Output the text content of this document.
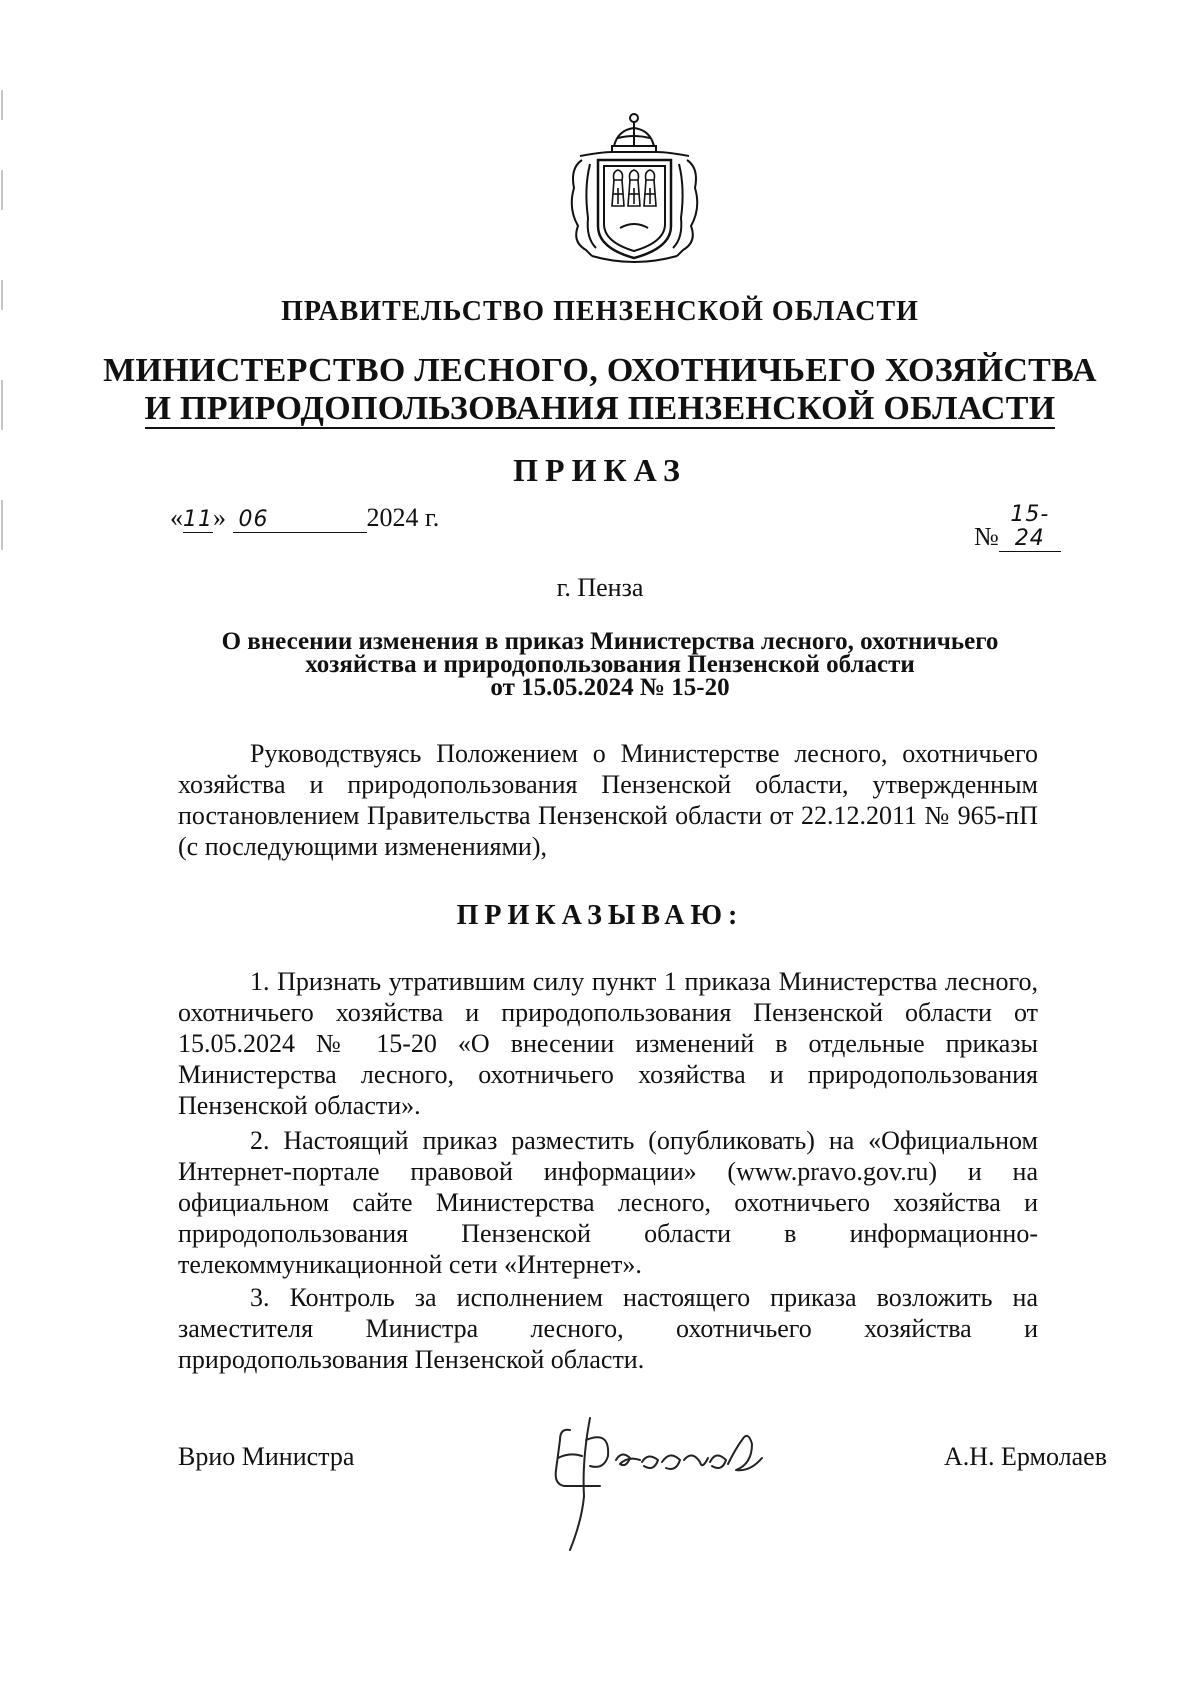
ПРАВИТЕЛЬСТВО ПЕНЗЕНСКОЙ ОБЛАСТИ
МИНИСТЕРСТВО ЛЕСНОГО, ОХОТНИЧЬЕГО ХОЗЯЙСТВА
И ПРИРОДОПОЛЬЗОВАНИЯ ПЕНЗЕНСКОЙ ОБЛАСТИ
ПРИКАЗ
«11» 06	2024 г.
№15-24
г. Пенза
О внесении изменения в приказ Министерства лесного, охотничьего
хозяйства и природопользования Пензенской области
от 15.05.2024 № 15-20
Руководствуясь Положением о Министерстве лесного, охотничьего хозяйства и природопользования Пензенской области, утвержденным постановлением Правительства Пензенской области от 22.12.2011 № 965-пП (с последующими изменениями),
ПРИКАЗЫВАЮ:
1. Признать утратившим силу пункт 1 приказа Министерства лесного, охотничьего хозяйства и природопользования Пензенской области от 15.05.2024 № 15-20 «О внесении изменений в отдельные приказы Министерства лесного, охотничьего хозяйства и природопользования Пензенской области».
2. Настоящий приказ разместить (опубликовать) на «Официальном Интернет-портале правовой информации» (www.pravo.gov.ru) и на официальном сайте Министерства лесного, охотничьего хозяйства и природопользования Пензенской области в информационно-телекоммуникационной сети «Интернет».
3. Контроль за исполнением настоящего приказа возложить на заместителя Министра лесного, охотничьего хозяйства и природопользования Пензенской области.
Врио Министра	А.Н. Ермолаев
